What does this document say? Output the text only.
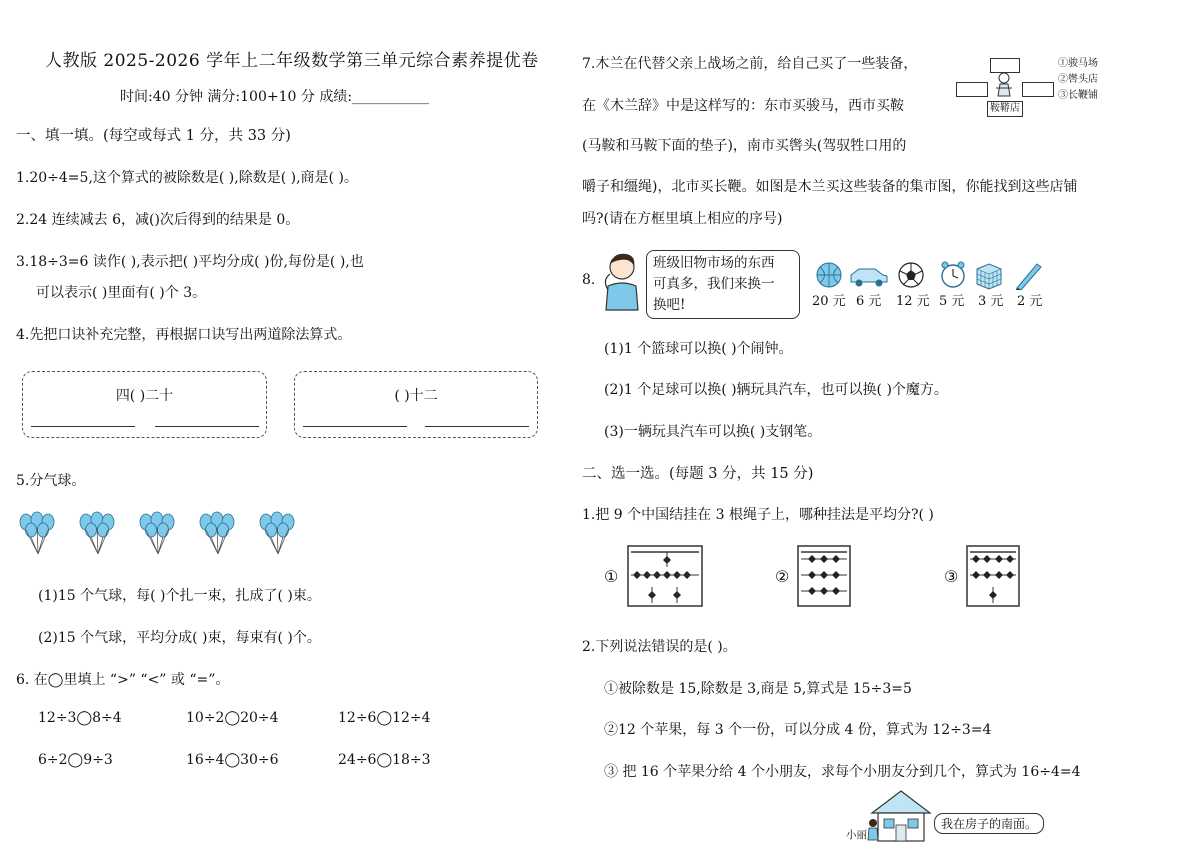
人教版 2025-2026 学年上二年级数学第三单元综合素养提优卷
时间:40 分钟 满分:100+10 分 成绩:___________
一、填一填。(每空或每式 1 分，共 33 分)
1.20÷4=5,这个算式的被除数是( ),除数是( ),商是( )。
2.24 连续减去 6，减()次后得到的结果是 0。
3.18÷3=6 读作( ),表示把( )平均分成( )份,每份是( ),也
可以表示( )里面有( )个 3。
4.先把口诀补充完整，再根据口诀写出两道除法算式。
四( )二十	( )十二
5.分气球。
(1)15 个气球，每( )个扎一束，扎成了( )束。
(2)15 个气球，平均分成( )束，每束有( )个。
6. 在◯里填上 “>” “<” 或 “=”。
12÷3◯8÷4	10÷2◯20÷4	12÷6◯12÷4
6÷2◯9÷3	16÷4◯30÷6	24÷6◯18÷3
7.木兰在代替父亲上战场之前，给自己买了一些装备，
在《木兰辞》中是这样写的：东市买骏马，西市买鞍
(马鞍和马鞍下面的垫子)，南市买辔头(驾驭牲口用的
嚼子和缰绳)，北市买长鞭。如图是木兰买这些装备的集市图，你能找到这些店铺
吗?(请在方框里填上相应的序号)
鞍鞯店
①骏马场
②辔头店
③长鞭铺
8.
班级旧物市场的东西
可真多，我们来换一
换吧!	20 元 6 元 12 元 5 元 3 元 2 元
(1)1 个篮球可以换( )个闹钟。
(2)1 个足球可以换( )辆玩具汽车，也可以换( )个魔方。
(3)一辆玩具汽车可以换( )支钢笔。
二、选一选。(每题 3 分，共 15 分)
1.把 9 个中国结挂在 3 根绳子上，哪种挂法是平均分?( )
①	②	③
2.下列说法错误的是( )。
①被除数是 15,除数是 3,商是 5,算式是 15÷3=5
②12 个苹果，每 3 个一份，可以分成 4 份，算式为 12÷3=4
③ 把 16 个苹果分给 4 个小朋友，求每个小朋友分到几个，算式为 16÷4=4
小丽
我在房子的南面。
